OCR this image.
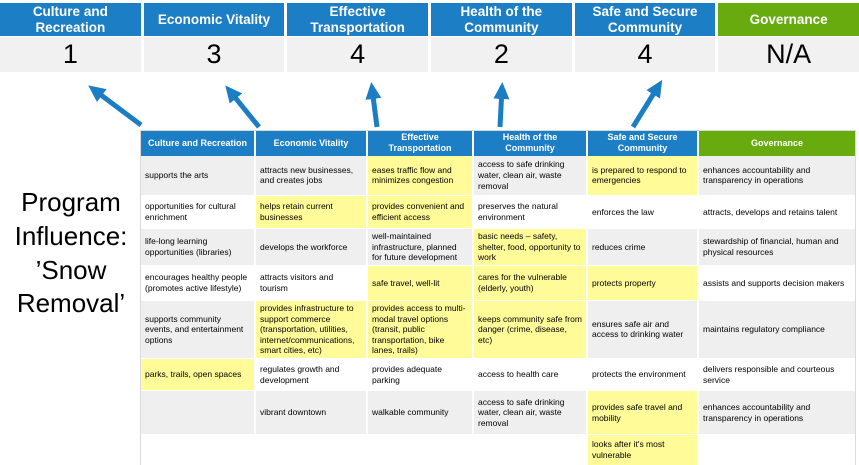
Culture and Recreation
1
Economic Vitality
3
Effective Transportation
4
Health of the Community
2
Safe and Secure Community
4
Governance
N/A
Program
Influence:
’Snow
Removal’
Culture and Recreation	Economic Vitality	Effective Transportation	Health of the Community	Safe and Secure Community	Governance
supports the arts	attracts new businesses, and creates jobs	eases traffic flow and minimizes congestion	access to safe drinking water, clean air, waste removal	is prepared to respond to emergencies	enhances accountability and transparency in operations
opportunities for cultural enrichment	helps retain current businesses	provides convenient and efficient access	preserves the natural environment	enforces the law	attracts, develops and retains talent
life-long learning opportunities (libraries)	develops the workforce	well-maintained infrastructure, planned for future development	basic needs – safety, shelter, food, opportunity to work	reduces crime	stewardship of financial, human and physical resources
encourages healthy people (promotes active lifestyle)	attracts visitors and tourism	safe travel, well-lit	cares for the vulnerable (elderly, youth)	protects property	assists and supports decision makers
supports community events, and entertainment options	provides infrastructure to support commerce (transportation, utilities, internet/communications, smart cities, etc)	provides access to multi-modal travel options (transit, public transportation, bike lanes, trails)	keeps community safe from danger (crime, disease, etc)	ensures safe air and access to drinking water	maintains regulatory compliance
parks, trails, open spaces	regulates growth and development	provides adequate parking	access to health care	protects the environment	delivers responsible and courteous service
	vibrant downtown	walkable community	access to safe drinking water, clean air, waste removal	provides safe travel and mobility	enhances accountability and transparency in operations
				looks after it's most vulnerable	
